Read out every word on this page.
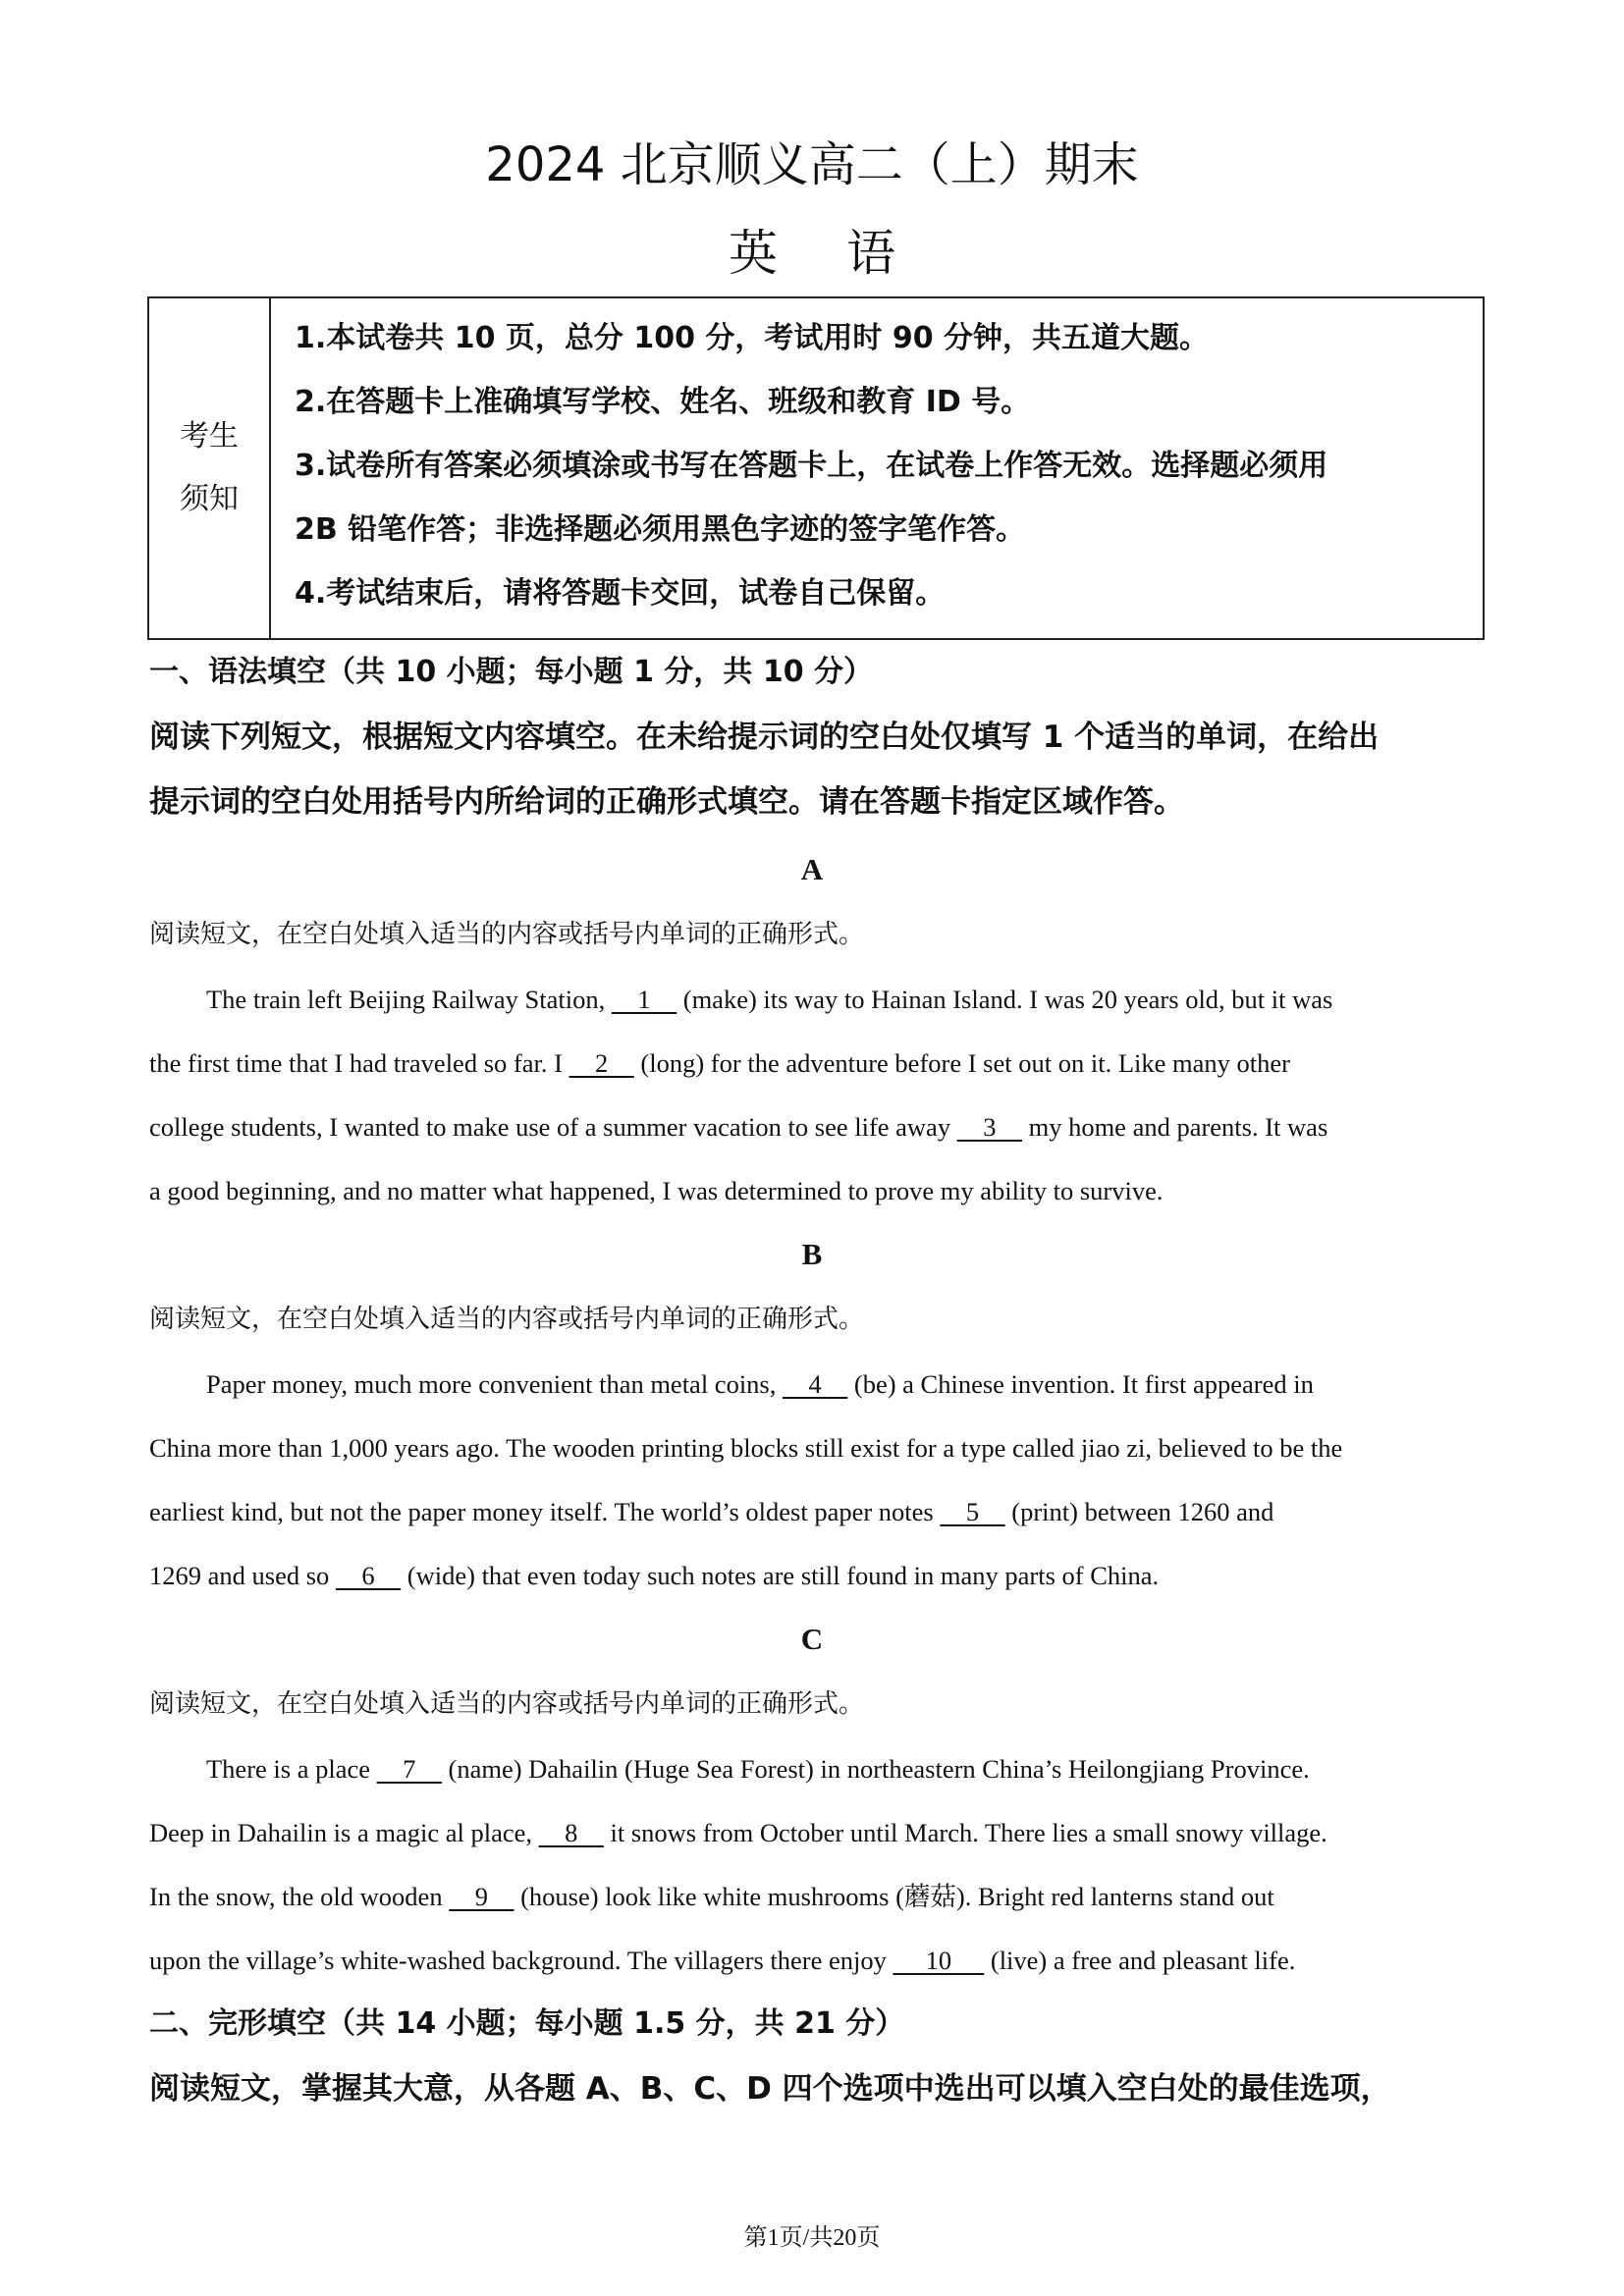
2024 北京顺义高二（上）期末
英语
考生
须知

1.本试卷共 10 页，总分 100 分，考试用时 90 分钟，共五道大题。
2.在答题卡上准确填写学校、姓名、班级和教育 ID 号。
3.试卷所有答案必须填涂或书写在答题卡上，在试卷上作答无效。选择题必须用
2B 铅笔作答；非选择题必须用黑色字迹的签字笔作答。
4.考试结束后，请将答题卡交回，试卷自己保留。
一、语法填空（共 10 小题；每小题 1 分，共 10 分）
阅读下列短文，根据短文内容填空。在未给提示词的空白处仅填写 1 个适当的单词，在给出
提示词的空白处用括号内所给词的正确形式填空。请在答题卡指定区域作答。
A
阅读短文，在空白处填入适当的内容或括号内单词的正确形式。
The train left Beijing Railway Station,     1     (make) its way to Hainan Island. I was 20 years old, but it was
the first time that I had traveled so far. I     2     (long) for the adventure before I set out on it. Like many other
college students, I wanted to make use of a summer vacation to see life away     3     my home and parents. It was
a good beginning, and no matter what happened, I was determined to prove my ability to survive.
B
阅读短文，在空白处填入适当的内容或括号内单词的正确形式。
Paper money, much more convenient than metal coins,     4     (be) a Chinese invention. It first appeared in
China more than 1,000 years ago. The wooden printing blocks still exist for a type called jiao zi, believed to be the
earliest kind, but not the paper money itself. The world’s oldest paper notes     5     (print) between 1260 and
1269 and used so     6     (wide) that even today such notes are still found in many parts of China.
C
阅读短文，在空白处填入适当的内容或括号内单词的正确形式。
There is a place     7     (name) Dahailin (Huge Sea Forest) in northeastern China’s Heilongjiang Province.
Deep in Dahailin is a magic al place,     8     it snows from October until March. There lies a small snowy village.
In the snow, the old wooden     9     (house) look like white mushrooms (蘑菇). Bright red lanterns stand out
upon the village’s white-washed background. The villagers there enjoy      10      (live) a free and pleasant life.
二、完形填空（共 14 小题；每小题 1.5 分，共 21 分）
阅读短文，掌握其大意，从各题 A、B、C、D 四个选项中选出可以填入空白处的最佳选项，
第1页/共20页
